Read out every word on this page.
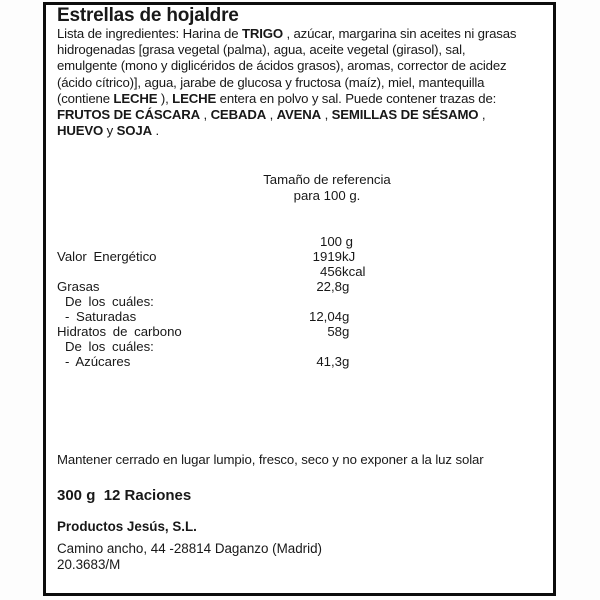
Estrellas de hojaldre
Lista de ingredientes: Harina de TRIGO , azúcar, margarina sin aceites ni grasas
hidrogenadas [grasa vegetal (palma), agua, aceite vegetal (girasol), sal,
emulgente (mono y diglicéridos de ácidos grasos), aromas, corrector de acidez
(ácido cítrico)], agua, jarabe de glucosa y fructosa (maíz), miel, mantequilla
(contiene LECHE ), LECHE entera en polvo y sal. Puede contener trazas de:
FRUTOS DE CÁSCARA , CEBADA , AVENA , SEMILLAS DE SÉSAMO ,
HUEVO y SOJA .
Tamaño de referencia
para 100 g.
100 g
Valor Energético	1919 kJ
456 kcal
Grasas	22,8 g
De los cuáles:
- Saturadas	12,04 g
Hidratos de carbono	58 g
De los cuáles:
- Azúcares	41,3 g
Mantener cerrado en lugar lumpio, fresco, seco y no exponer a la luz solar
300 g  12 Raciones
Productos Jesús, S.L.
Camino ancho, 44 -28814 Daganzo (Madrid)
20.3683/M
